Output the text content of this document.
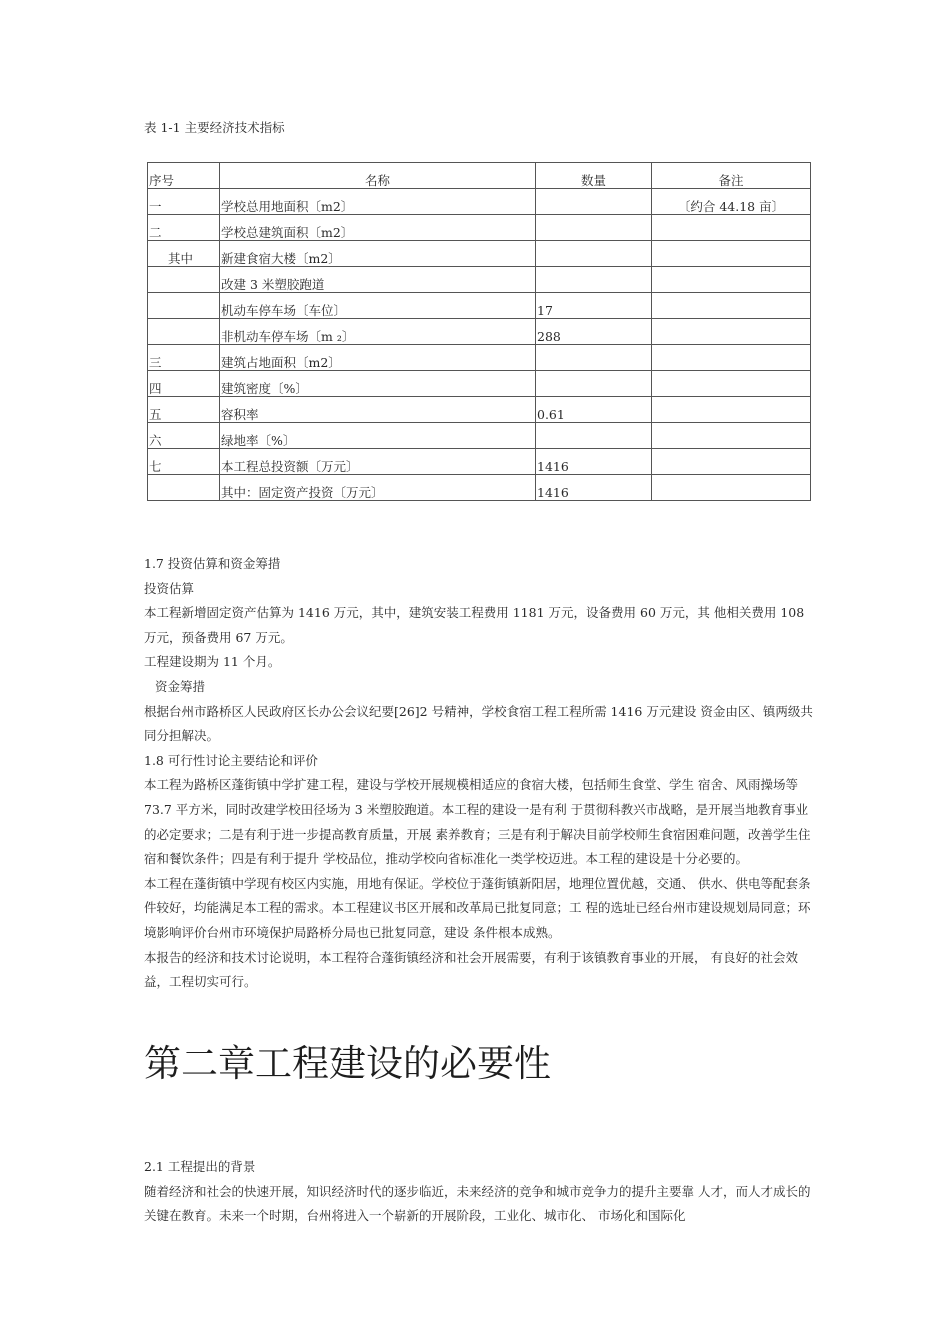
表 1-1 主要经济技术指标
序号	名称	数量	备注
一	学校总用地面积〔m2〕		〔约合 44.18 亩〕
二	学校总建筑面积〔m2〕		
其中	新建食宿大楼〔m2〕		
	改建 3 米塑胶跑道		
	机动车停车场〔车位〕	17	
	非机动车停车场〔m ₂〕	288	
三	建筑占地面积〔m2〕		
四	建筑密度〔%〕		
五	容积率	0.61	
六	绿地率〔%〕		
七	本工程总投资额〔万元〕	1416	
	其中：固定资产投资〔万元〕	1416	

1.7 投资估算和资金筹措

投资估算

本工程新增固定资产估算为 1416 万元，其中，建筑安装工程费用 1181 万元，设备费用 60 万元，其 他相关费用 108 万元，预备费用 67 万元。

工程建设期为 11 个月。

资金筹措

根据台州市路桥区人民政府区长办公会议纪要[26]2 号精神，学校食宿工程工程所需 1416 万元建设 资金由区、镇两级共同分担解决。

1.8 可行性讨论主要结论和评价

本工程为路桥区蓬街镇中学扩建工程，建设与学校开展规模相适应的食宿大楼，包括师生食堂、学生 宿舍、风雨操场等 73.7 平方米，同时改建学校田径场为 3 米塑胶跑道。本工程的建设一是有利 于贯彻科教兴市战略，是开展当地教育事业的必定要求；二是有利于进一步提高教育质量，开展 素养教育；三是有利于解决目前学校师生食宿困难问题，改善学生住宿和餐饮条件；四是有利于提升 学校品位，推动学校向省标准化一类学校迈进。本工程的建设是十分必要的。

本工程在蓬街镇中学现有校区内实施，用地有保证。学校位于蓬街镇新阳居，地理位置优越，交通、 供水、供电等配套条件较好，均能满足本工程的需求。本工程建议书区开展和改革局已批复同意；工 程的选址已经台州市建设规划局同意；环境影响评价台州市环境保护局路桥分局也已批复同意，建设 条件根本成熟。

本报告的经济和技术讨论说明，本工程符合蓬街镇经济和社会开展需要，有利于该镇教育事业的开展， 有良好的社会效益，工程切实可行。

第二章工程建设的必要性

2.1 工程提出的背景

随着经济和社会的快速开展，知识经济时代的逐步临近，未来经济的竞争和城市竞争力的提升主要靠 人才，而人才成长的关键在教育。未来一个时期，台州将进入一个崭新的开展阶段，工业化、城市化、 市场化和国际化
